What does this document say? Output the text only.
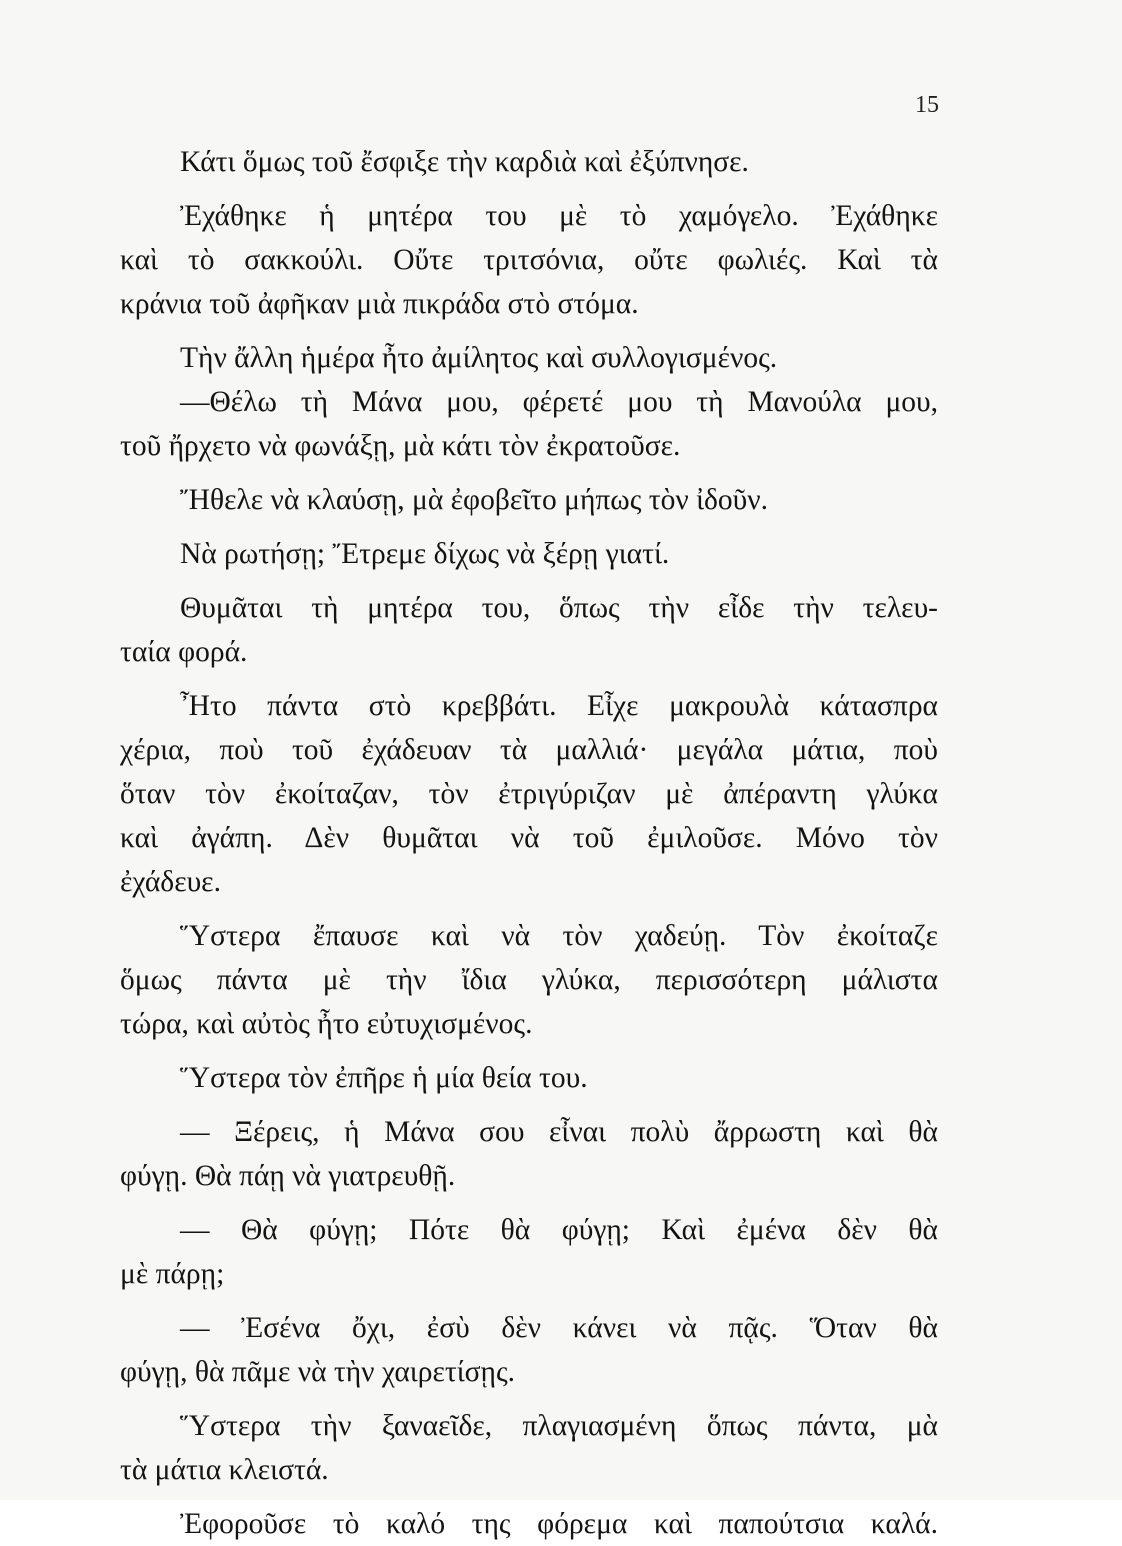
15
Κάτι ὅμως τοῦ ἔσφιξε τὴν καρδιὰ καὶ ἐξύπνησε.
Ἐχάθηκε ἡ μητέρα του μὲ τὸ χαμόγελο. Ἐχάθηκε
καὶ τὸ σακκούλι. Οὔτε τριτσόνια, οὔτε φωλιές. Καὶ τὰ
κράνια τοῦ ἀφῆκαν μιὰ πικράδα στὸ στόμα.
Τὴν ἄλλη ἡμέρα ἦτο ἀμίλητος καὶ συλλογισμένος.
—Θέλω τὴ Μάνα μου, φέρετέ μου τὴ Μανούλα μου,
τοῦ ἤρχετο νὰ φωνάξῃ, μὰ κάτι τὸν ἐκρατοῦσε.
Ἤθελε νὰ κλαύσῃ, μὰ ἐφοβεῖτο μήπως τὸν ἰδοῦν.
Νὰ ρωτήσῃ; Ἔτρεμε δίχως νὰ ξέρῃ γιατί.
Θυμᾶται τὴ μητέρα του, ὅπως τὴν εἶδε τὴν τελευ-
ταία φορά.
Ἦτο πάντα στὸ κρεββάτι. Εἶχε μακρουλὰ κάτασπρα
χέρια, ποὺ τοῦ ἐχάδευαν τὰ μαλλιά· μεγάλα μάτια, ποὺ
ὅταν τὸν ἐκοίταζαν, τὸν ἐτριγύριζαν μὲ ἀπέραντη γλύκα
καὶ ἀγάπη. Δὲν θυμᾶται νὰ τοῦ ἐμιλοῦσε. Μόνο τὸν
ἐχάδευε.
Ὕστερα ἔπαυσε καὶ νὰ τὸν χαδεύῃ. Τὸν ἐκοίταζε
ὅμως πάντα μὲ τὴν ἴδια γλύκα, περισσότερη μάλιστα
τώρα, καὶ αὐτὸς ἦτο εὐτυχισμένος.
Ὕστερα τὸν ἐπῆρε ἡ μία θεία του.
— Ξέρεις, ἡ Μάνα σου εἶναι πολὺ ἄρρωστη καὶ θὰ
φύγῃ. Θὰ πάῃ νὰ γιατρευθῇ.
— Θὰ φύγῃ; Πότε θὰ φύγῃ; Καὶ ἐμένα δὲν θὰ
μὲ πάρῃ;
— Ἐσένα ὄχι, ἐσὺ δὲν κάνει νὰ πᾷς. Ὅταν θὰ
φύγῃ, θὰ πᾶμε νὰ τὴν χαιρετίσῃς.
Ὕστερα τὴν ξαναεῖδε, πλαγιασμένη ὅπως πάντα, μὰ
τὰ μάτια κλειστά.
Ἐφοροῦσε τὸ καλό της φόρεμα καὶ παπούτσια καλά.
